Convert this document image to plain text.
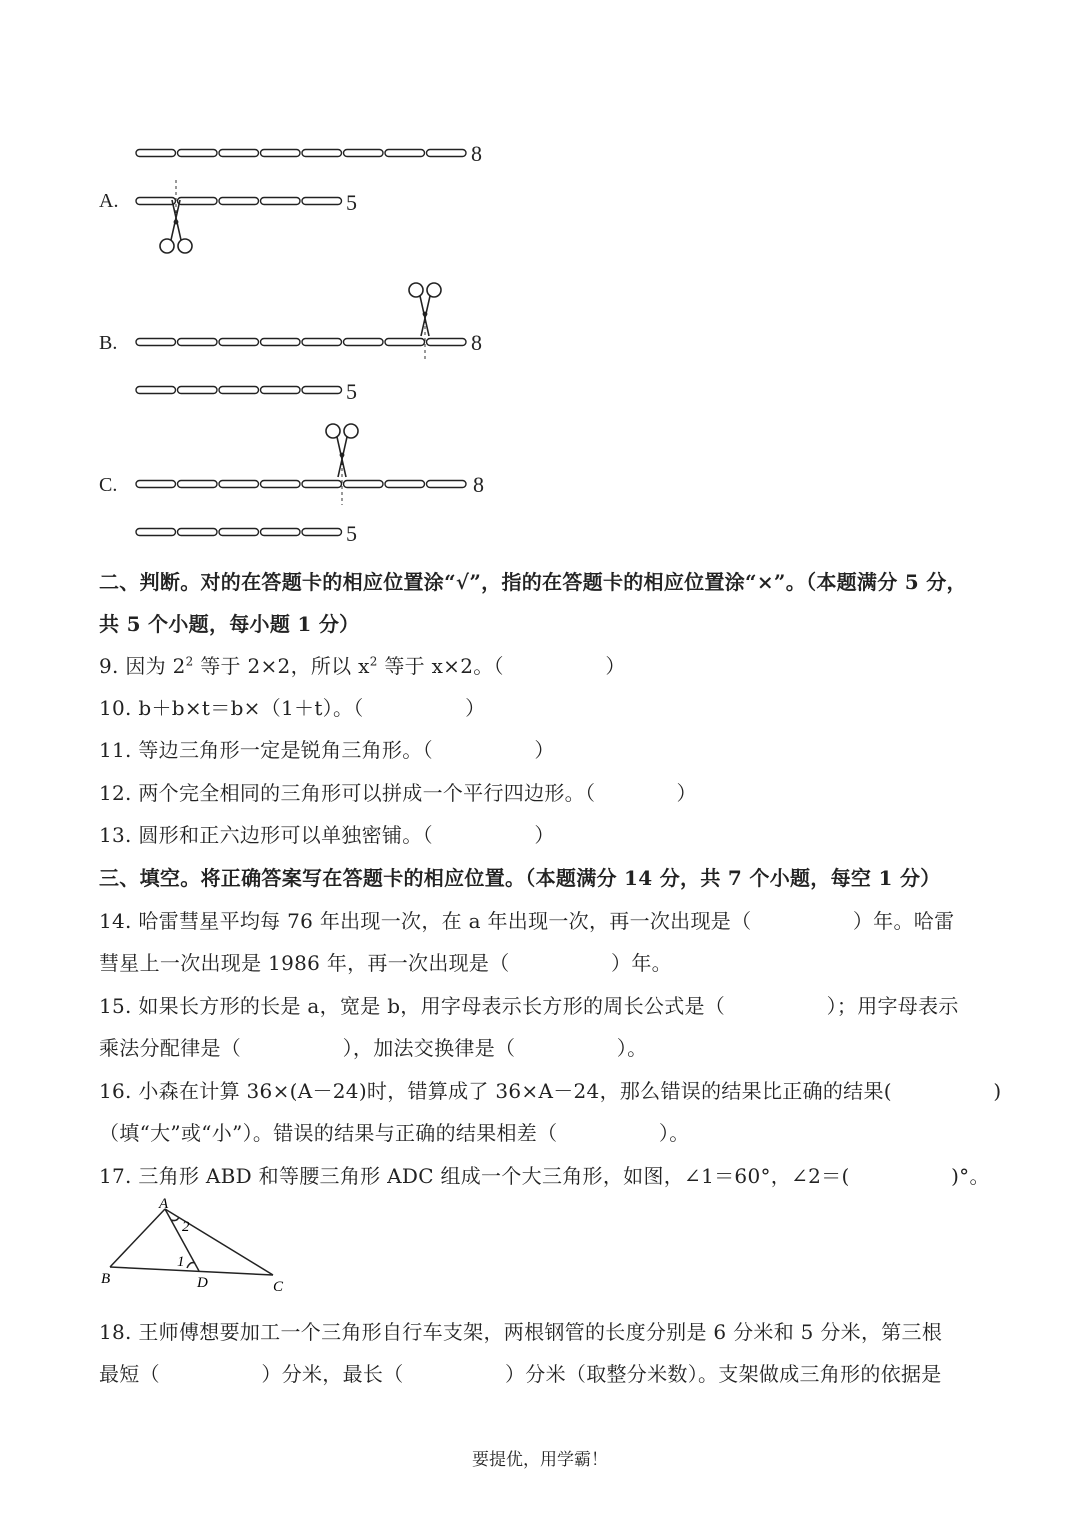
8
A.	5
B.	8
5
C.	8
5
二、判断。对的在答题卡的相应位置涂“√”，指的在答题卡的相应位置涂“×”。（本题满分 5 分，
共 5 个小题，每小题 1 分）
9. 因为 $2^2$ 等于 2×2，所以 $x^2$ 等于 x×2。（　　　　　）
10. b＋b×t＝b×（1＋t）。（　　　　　）
11. 等边三角形一定是锐角三角形。（　　　　　）
12. 两个完全相同的三角形可以拼成一个平行四边形。（　　　　）
13. 圆形和正六边形可以单独密铺。（　　　　　）
三、填空。将正确答案写在答题卡的相应位置。（本题满分 14 分，共 7 个小题，每空 1 分）
14. 哈雷彗星平均每 76 年出现一次，在 a 年出现一次，再一次出现是（　　　　　）年。哈雷
彗星上一次出现是 1986 年，再一次出现是（　　　　　）年。
15. 如果长方形的长是 a，宽是 b，用字母表示长方形的周长公式是（　　　　　）；用字母表示
乘法分配律是（　　　　　），加法交换律是（　　　　　）。
16. 小森在计算 36×(A－24)时，错算成了 36×A－24，那么错误的结果比正确的结果(　　　　　)
（填“大”或“小”）。错误的结果与正确的结果相差（　　　　　）。
17. 三角形 ABD 和等腰三角形 ADC 组成一个大三角形，如图，∠1＝60°，∠2＝(　　　　　)°。
A
B	C
D
1
2
18. 王师傅想要加工一个三角形自行车支架，两根钢管的长度分别是 6 分米和 5 分米，第三根
最短（　　　　　）分米，最长（　　　　　）分米（取整分米数）。支架做成三角形的依据是
要提优，用学霸！
